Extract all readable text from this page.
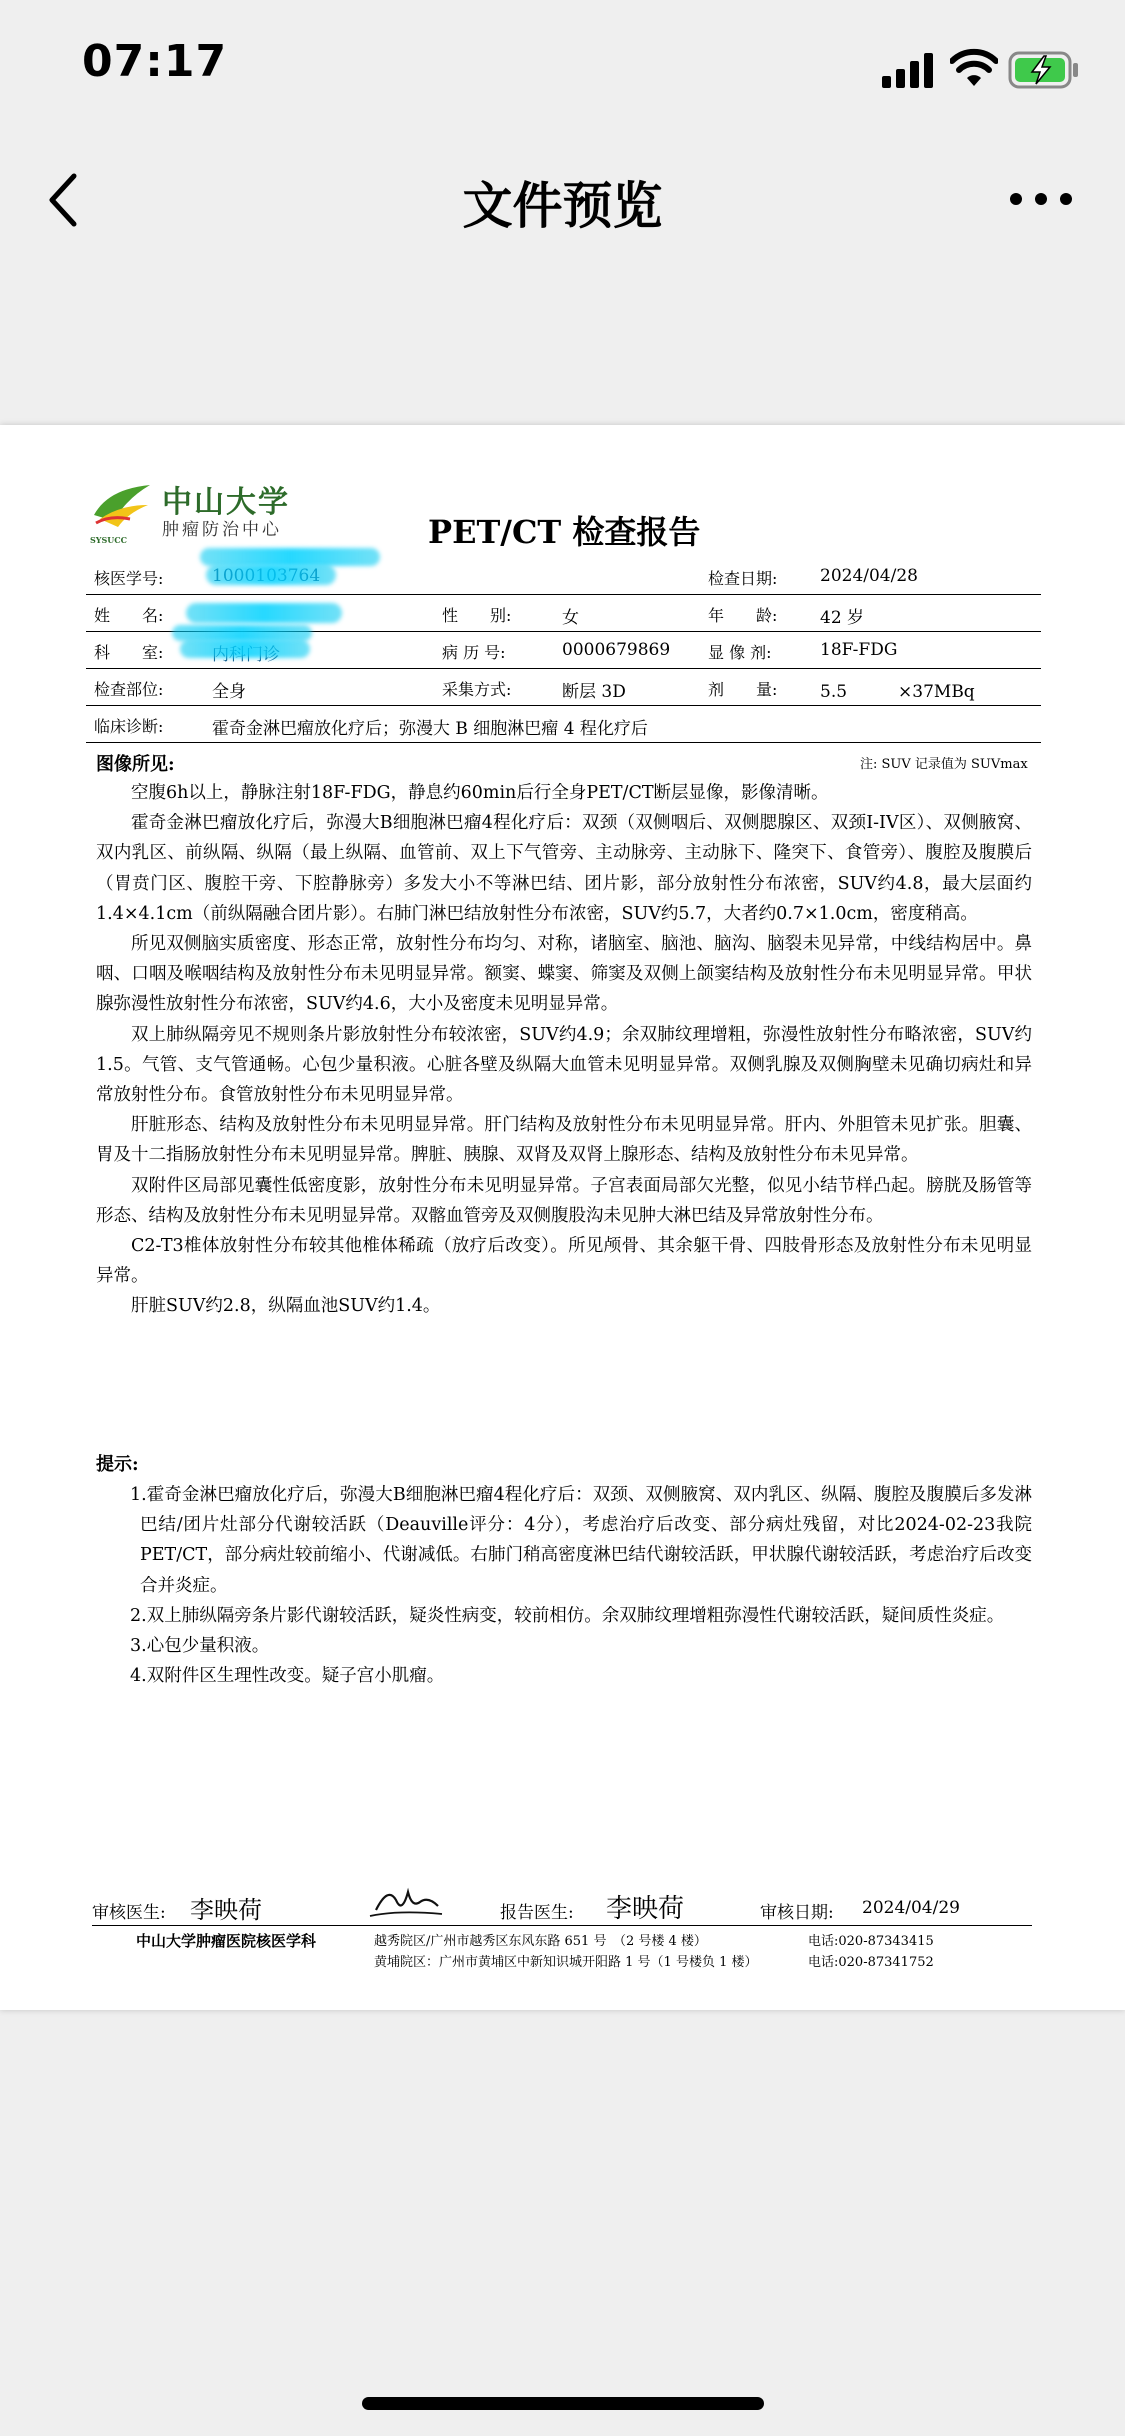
07:17
文件预览
中山大学
肿瘤防治中心
SYSUCC	PET/CT 检查报告
核医学号:	检查日期:	2024/04/28
姓　　名:	性　　别:	女	年　　龄:	42 岁
科　　室:	病 历 号:	0000679869 显 像 剂:	18F-FDG
检查部位:	全身	采集方式:	断层 3D	剂　　量:	5.5　　　×37MBq
临床诊断:	霍奇金淋巴瘤放化疗后；弥漫大 B 细胞淋巴瘤 4 程化疗后
图像所见:	注: SUV 记录值为 SUVmax

空腹6h以上，静脉注射18F-FDG，静息约60min后行全身PET/CT断层显像，影像清晰。

霍奇金淋巴瘤放化疗后，弥漫大B细胞淋巴瘤4程化疗后：双颈（双侧咽后、双侧腮腺区、双颈I-IV区）、双侧腋窝、双内乳区、前纵隔、纵隔（最上纵隔、血管前、双上下气管旁、主动脉旁、主动脉下、隆突下、食管旁）、腹腔及腹膜后（胃贲门区、腹腔干旁、下腔静脉旁）多发大小不等淋巴结、团片影，部分放射性分布浓密，SUV约4.8，最大层面约1.4×4.1cm（前纵隔融合团片影）。右肺门淋巴结放射性分布浓密，SUV约5.7，大者约0.7×1.0cm，密度稍高。

所见双侧脑实质密度、形态正常，放射性分布均匀、对称，诸脑室、脑池、脑沟、脑裂未见异常，中线结构居中。鼻咽、口咽及喉咽结构及放射性分布未见明显异常。额窦、蝶窦、筛窦及双侧上颌窦结构及放射性分布未见明显异常。甲状腺弥漫性放射性分布浓密，SUV约4.6，大小及密度未见明显异常。

双上肺纵隔旁见不规则条片影放射性分布较浓密，SUV约4.9；余双肺纹理增粗，弥漫性放射性分布略浓密，SUV约1.5。气管、支气管通畅。心包少量积液。心脏各壁及纵隔大血管未见明显异常。双侧乳腺及双侧胸壁未见确切病灶和异常放射性分布。食管放射性分布未见明显异常。

肝脏形态、结构及放射性分布未见明显异常。肝门结构及放射性分布未见明显异常。肝内、外胆管未见扩张。胆囊、胃及十二指肠放射性分布未见明显异常。脾脏、胰腺、双肾及双肾上腺形态、结构及放射性分布未见异常。

双附件区局部见囊性低密度影，放射性分布未见明显异常。子宫表面局部欠光整，似见小结节样凸起。膀胱及肠管等形态、结构及放射性分布未见明显异常。双髂血管旁及双侧腹股沟未见肿大淋巴结及异常放射性分布。

C2-T3椎体放射性分布较其他椎体稀疏（放疗后改变）。所见颅骨、其余躯干骨、四肢骨形态及放射性分布未见明显异常。

肝脏SUV约2.8，纵隔血池SUV约1.4。

提示:

1.霍奇金淋巴瘤放化疗后，弥漫大B细胞淋巴瘤4程化疗后：双颈、双侧腋窝、双内乳区、纵隔、腹腔及腹膜后多发淋巴结/团片灶部分代谢较活跃（Deauville评分：4分），考虑治疗后改变、部分病灶残留，对比2024-02-23我院PET/CT，部分病灶较前缩小、代谢减低。右肺门稍高密度淋巴结代谢较活跃，甲状腺代谢较活跃，考虑治疗后改变合并炎症。

2.双上肺纵隔旁条片影代谢较活跃，疑炎性病变，较前相仿。余双肺纹理增粗弥漫性代谢较活跃，疑间质性炎症。

3.心包少量积液。

4.双附件区生理性改变。疑子宫小肌瘤。

审核医生: 李映荷	报告医生: 李映荷	审核日期: 2024/04/29
中山大学肿瘤医院核医学科	越秀院区/广州市越秀区东风东路 651 号　（2 号楼 4 楼）
黄埔院区：广州市黄埔区中新知识城开阳路 1 号（1 号楼负 1 楼）
电话:020-87343415
电话:020-87341752
